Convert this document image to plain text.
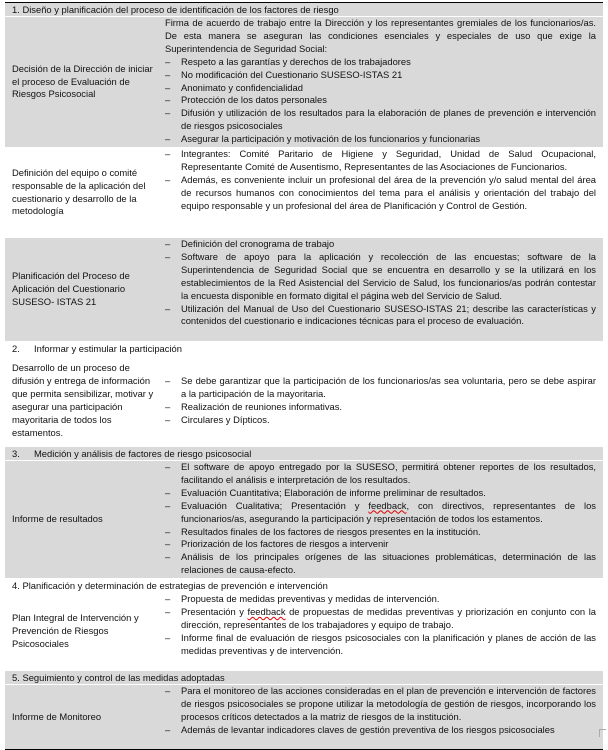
1. Diseño y planificación del proceso de identificación de los factores de riesgo
Decisión de la Dirección de iniciar el proceso de Evaluación de Riesgos Psicosocial
Firma de acuerdo de trabajo entre la Dirección y los representantes gremiales de los funcionarios/as. De esta manera se aseguran las condiciones esenciales y especiales de uso que exige la Superintendencia de Seguridad Social:
– Respeto a las garantías y derechos de los trabajadores
– No modificación del Cuestionario SUSESO-ISTAS 21
– Anonimato y confidencialidad
– Protección de los datos personales
– Difusión y utilización de los resultados para la elaboración de planes de prevención e intervención de riesgos psicosociales
– Asegurar la participación y motivación de los funcionarios y funcionarias
Definición del equipo o comité responsable de la aplicación del cuestionario y desarrollo de la metodología
– Integrantes: Comité Paritario de Higiene y Seguridad, Unidad de Salud Ocupacional, Representante Comité de Ausentismo, Representantes de las Asociaciones de Funcionarios.
– Además, es conveniente incluir un profesional del área de la prevención y/o salud mental del área de recursos humanos con conocimientos del tema para el análisis y orientación del trabajo del equipo responsable y un profesional del área de Planificación y Control de Gestión.
Planificación del Proceso de Aplicación del Cuestionario SUSESO- ISTAS 21
– Definición del cronograma de trabajo
– Software de apoyo para la aplicación y recolección de las encuestas; software de la Superintendencia de Seguridad Social que se encuentra en desarrollo y se la utilizará en los establecimientos de la Red Asistencial del Servicio de Salud, los funcionarios/as podrán contestar la encuesta disponible en formato digital el página web del Servicio de Salud.
– Utilización del Manual de Uso del Cuestionario SUSESO-ISTAS 21; describe las características y contenidos del cuestionario e indicaciones técnicas para el proceso de evaluación.
2. Informar y estimular la participación
Desarrollo de un proceso de difusión y entrega de información que permita sensibilizar, motivar y asegurar una participación mayoritaria de todos los estamentos.
– Se debe garantizar que la participación de los funcionarios/as sea voluntaria, pero se debe aspirar a la participación de la mayoritaria.
– Realización de reuniones informativas.
– Circulares y Dípticos.
3. Medición y análisis de factores de riesgo psicosocial
Informe de resultados
– El software de apoyo entregado por la SUSESO, permitirá obtener reportes de los resultados, facilitando el análisis e interpretación de los resultados.
– Evaluación Cuantitativa; Elaboración de informe preliminar de resultados.
– Evaluación Cualitativa; Presentación y feedback, con directivos, representantes de los funcionarios/as, asegurando la participación y representación de todos los estamentos.
– Resultados finales de los factores de riesgos presentes en la institución.
– Priorización de los factores de riesgos a intervenir
– Análisis de los principales orígenes de las situaciones problemáticas, determinación de las relaciones de causa-efecto.
4. Planificación y determinación de estrategias de prevención e intervención
Plan Integral de Intervención y Prevención de Riesgos Psicosociales
– Propuesta de medidas preventivas y medidas de intervención.
– Presentación y feedback de propuestas de medidas preventivas y priorización en conjunto con la dirección, representantes de los trabajadores y equipo de trabajo.
– Informe final de evaluación de riesgos psicosociales con la planificación y planes de acción de las medidas preventivas y de intervención.
5. Seguimiento y control de las medidas adoptadas
Informe de Monitoreo
– Para el monitoreo de las acciones consideradas en el plan de prevención e intervención de factores de riesgos psicosociales se propone utilizar la metodología de gestión de riesgos, incorporando los procesos críticos detectados a la matriz de riesgos de la institución.
– Además de levantar indicadores claves de gestión preventiva de los riesgos psicosociales
